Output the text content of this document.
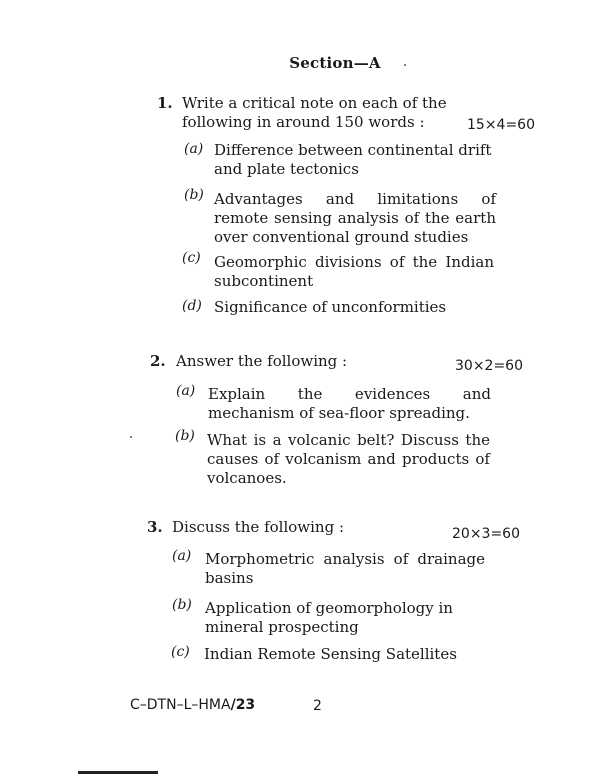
Section—A
1. Write a critical note on each of the following in around 150 words :	15×4=60
(a) Difference between continental drift and plate tectonics
(b) Advantages and limitations of remote sensing analysis of the earth over conventional ground studies
(c) Geomorphic divisions of the Indian subcontinent
(d) Significance of unconformities
2. Answer the following :	30×2=60
(a) Explain the evidences and mechanism of sea-floor spreading.
(b) What is a volcanic belt? Discuss the causes of volcanism and products of volcanoes.
3. Discuss the following :	20×3=60
(a) Morphometric analysis of drainage basins
(b) Application of geomorphology in mineral prospecting
(c) Indian Remote Sensing Satellites
C–DTN–L–HMA/23	2
